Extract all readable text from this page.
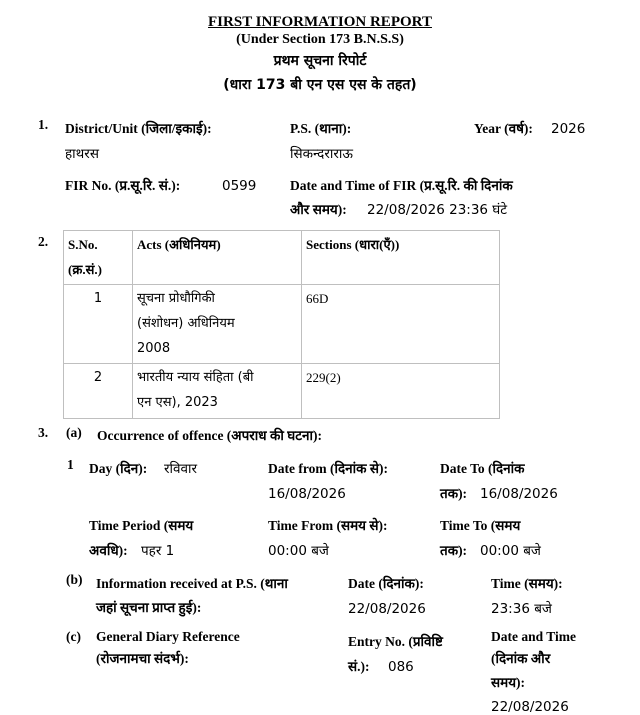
FIRST INFORMATION REPORT
(Under Section 173 B.N.S.S)
प्रथम सूचना रिपोर्ट
(धारा 173 बी एन एस एस के तहत)
1. District/Unit (जिला/इकाई):
हाथरस
P.S. (थाना):
सिकन्दराराऊ
Year (वर्ष): 2026
FIR No. (प्र.सू.रि. सं.):	0599 Date and Time of FIR (प्र.सू.रि. की दिनांक
और समय): 22/08/2026 23:36 घंटे
2. S.No.
(क्र.सं.)	Acts (अधिनियम)	Sections (धारा(एँ))
1	सूचना प्रोधौगिकी
(संशोधन) अधिनियम
2008	66D
2	भारतीय न्याय संहिता (बी
एन एस), 2023	229(2)
3. (a) Occurrence of offence (अपराध की घटना):
1 Day (दिन): रविवार	Date from (दिनांक से):
16/08/2026
Date To (दिनांक
तक): 16/08/2026
Time Period (समय
अवधि): पहर 1
Time From (समय से):
00:00 बजे
Time To (समय
तक): 00:00 बजे
(b) Information received at P.S. (थाना
जहां सूचना प्राप्त हुई):
Date (दिनांक):
22/08/2026
Time (समय):
23:36 बजे
(c) General Diary Reference
(रोजनामचा संदर्भ):
Entry No. (प्रविष्टि
सं.): 086
Date and Time
(दिनांक और
समय):
22/08/2026
